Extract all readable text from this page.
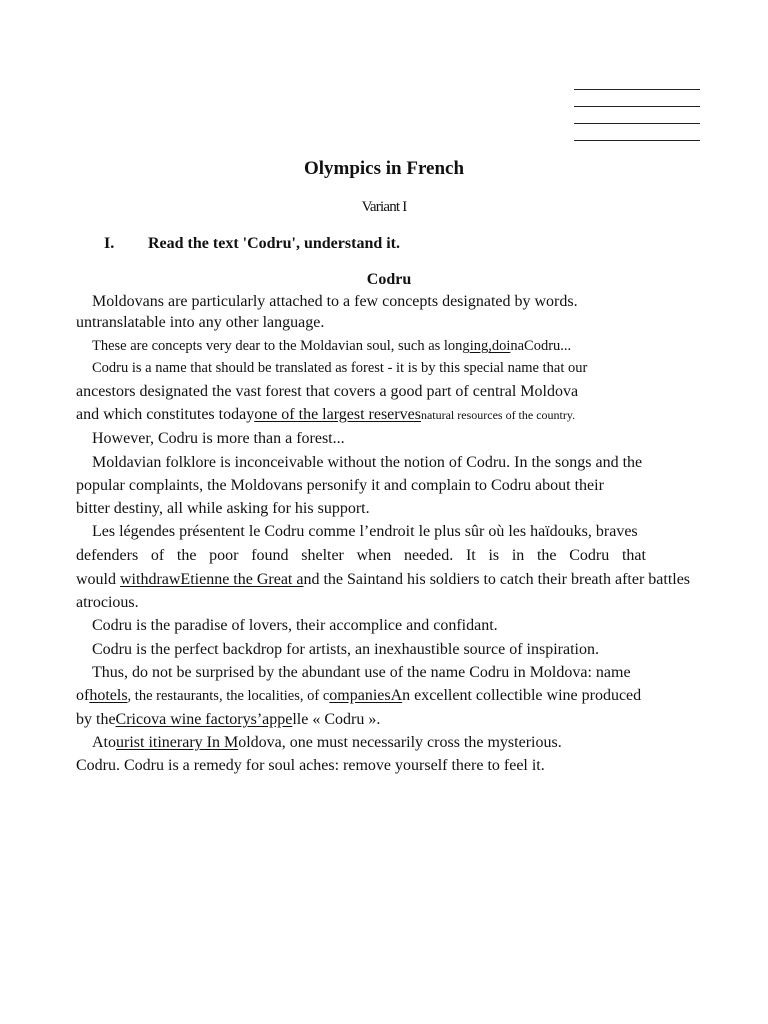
Olympics in French
Variant I
I. Read the text 'Codru', understand it.
Codru
Moldovans are particularly attached to a few concepts designated by words.
untranslatable into any other language.
These are concepts very dear to the Moldavian soul, such as longing,doinaCodru...
Codru is a name that should be translated as forest - it is by this special name that our
ancestors designated the vast forest that covers a good part of central Moldova
and which constitutes todayone of the largest reservesnatural resources of the country.
However, Codru is more than a forest...
Moldavian folklore is inconceivable without the notion of Codru. In the songs and the
popular complaints, the Moldovans personify it and complain to Codru about their
bitter destiny, all while asking for his support.
Les légendes présentent le Codru comme l’endroit le plus sûr où les haïdouks, braves
defenders of the poor found shelter when needed. It is in the Codru that
would withdrawEtienne the Great and the Saintand his soldiers to catch their breath after battles
atrocious.
Codru is the paradise of lovers, their accomplice and confidant.
Codru is the perfect backdrop for artists, an inexhaustible source of inspiration.
Thus, do not be surprised by the abundant use of the name Codru in Moldova: name
ofhotels, the restaurants, the localities, of companiesAn excellent collectible wine produced
by theCricova wine factorys’appelle « Codru ».
Atourist itinerary In Moldova, one must necessarily cross the mysterious.
Codru. Codru is a remedy for soul aches: remove yourself there to feel it.
